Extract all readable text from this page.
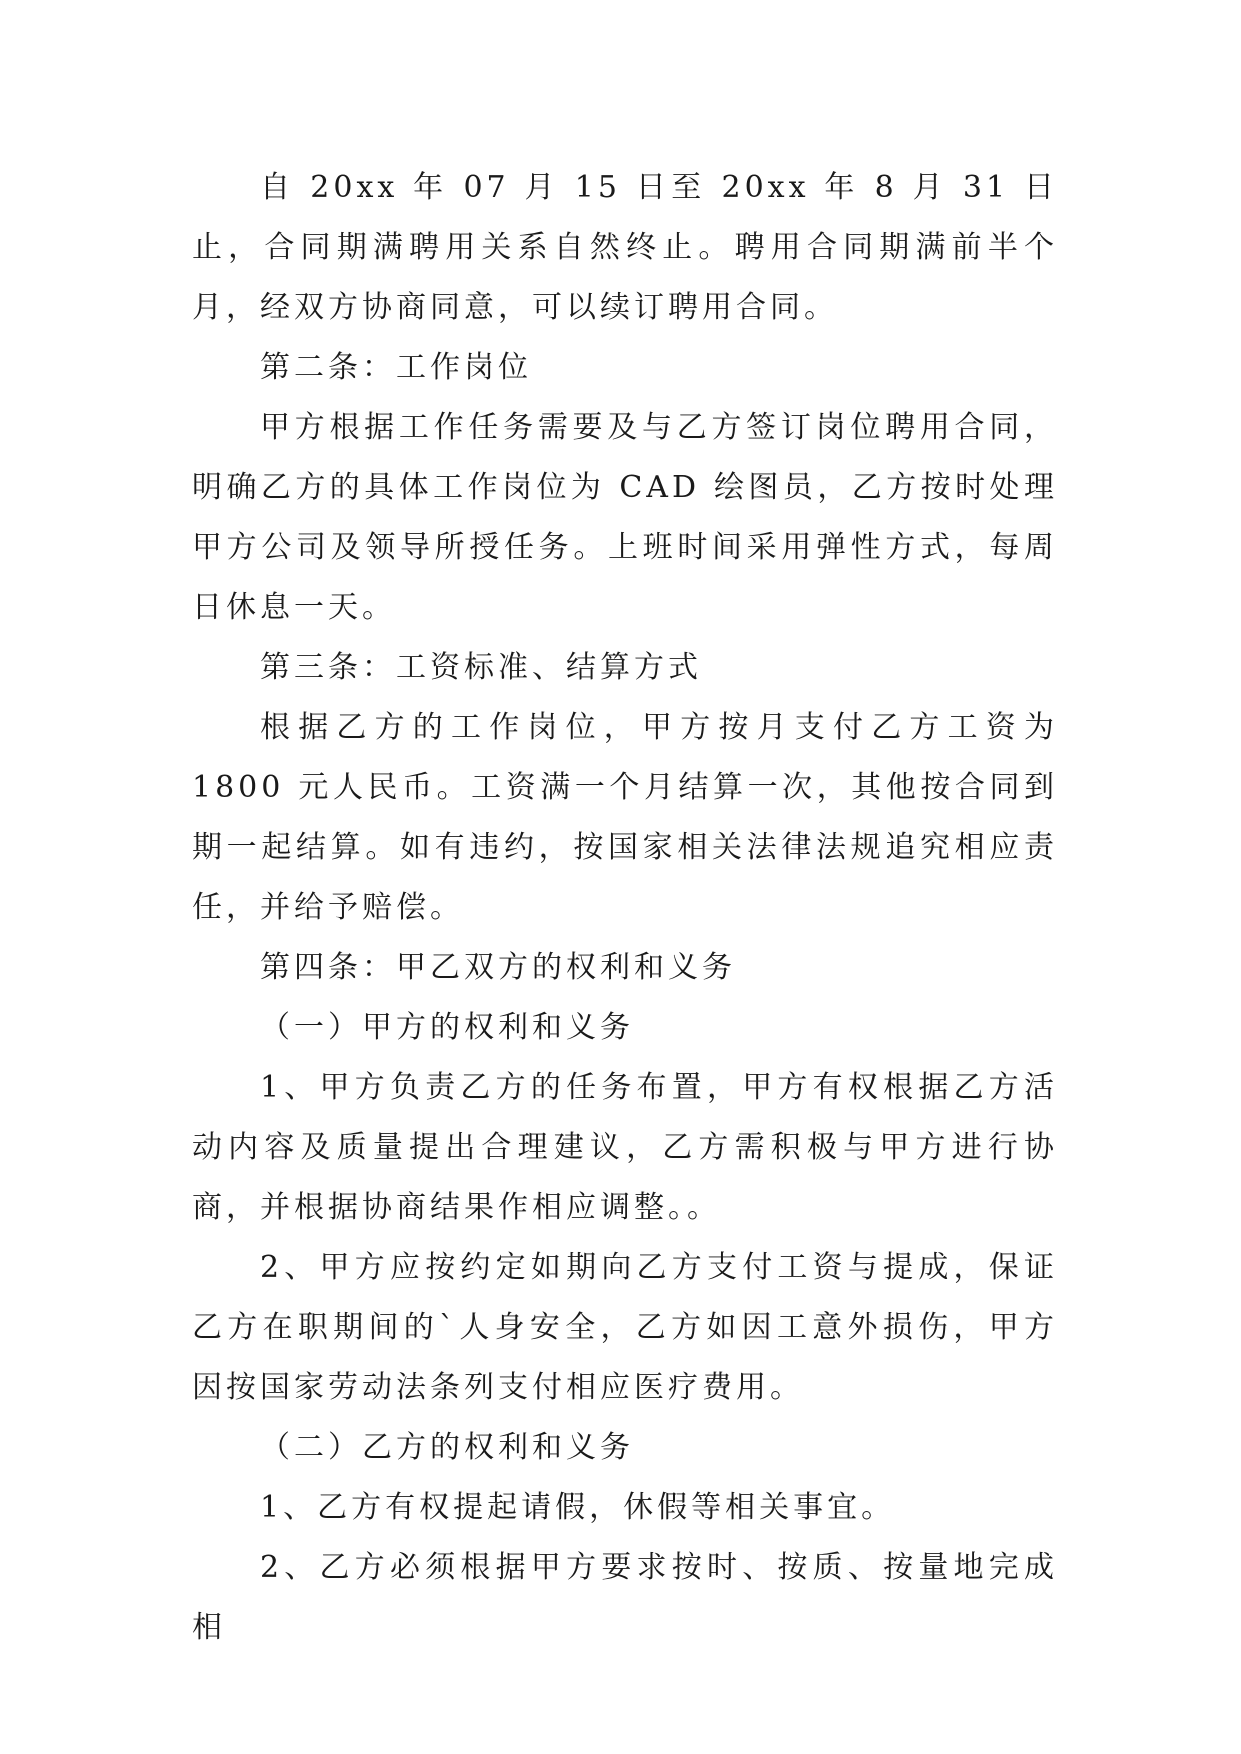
自 20xx 年 07 月 15 日至 20xx 年 8 月 31 日止，合同期满聘用关系自然终止。聘用合同期满前半个月，经双方协商同意，可以续订聘用合同。

第二条：工作岗位

甲方根据工作任务需要及与乙方签订岗位聘用合同，明确乙方的具体工作岗位为 CAD 绘图员，乙方按时处理甲方公司及领导所授任务。上班时间采用弹性方式，每周日休息一天。

第三条：工资标准、结算方式

根据乙方的工作岗位，甲方按月支付乙方工资为 1800 元人民币。工资满一个月结算一次，其他按合同到期一起结算。如有违约，按国家相关法律法规追究相应责任，并给予赔偿。

第四条：甲乙双方的权利和义务

（一）甲方的权利和义务

1、甲方负责乙方的任务布置，甲方有权根据乙方活动内容及质量提出合理建议，乙方需积极与甲方进行协商，并根据协商结果作相应调整。。

2、甲方应按约定如期向乙方支付工资与提成，保证乙方在职期间的`人身安全，乙方如因工意外损伤，甲方因按国家劳动法条列支付相应医疗费用。

（二）乙方的权利和义务

1、乙方有权提起请假，休假等相关事宜。

2、乙方必须根据甲方要求按时、按质、按量地完成相
